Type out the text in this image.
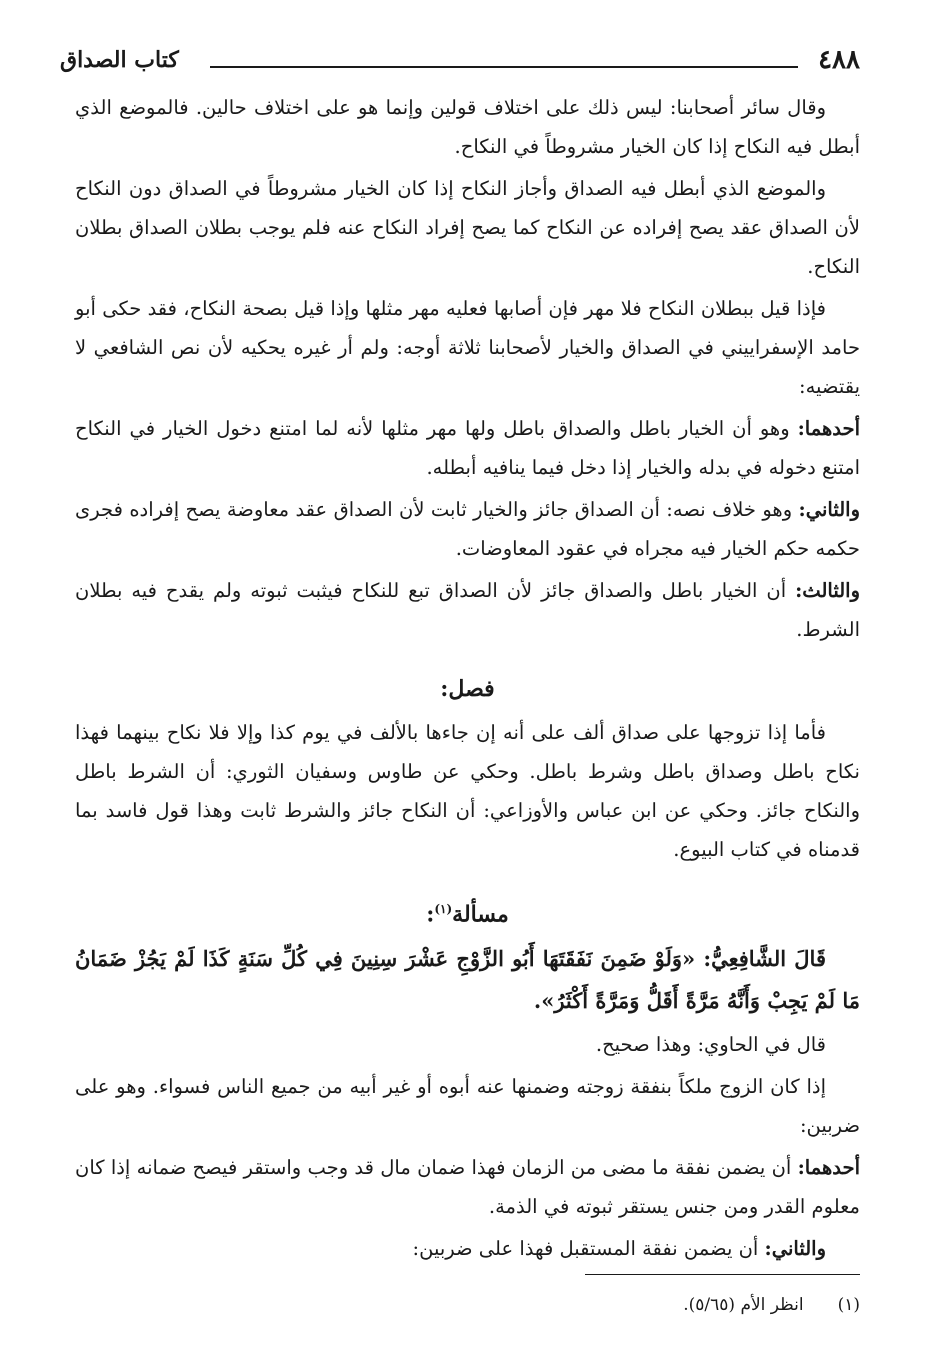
٤٨٨
كتاب الصداق

وقال سائر أصحابنا: ليس ذلك على اختلاف قولين وإنما هو على اختلاف حالين. فالموضع الذي أبطل فيه النكاح إذا كان الخيار مشروطاً في النكاح.

والموضع الذي أبطل فيه الصداق وأجاز النكاح إذا كان الخيار مشروطاً في الصداق دون النكاح لأن الصداق عقد يصح إفراده عن النكاح كما يصح إفراد النكاح عنه فلم يوجب بطلان الصداق بطلان النكاح.

فإذا قيل ببطلان النكاح فلا مهر فإن أصابها فعليه مهر مثلها وإذا قيل بصحة النكاح، فقد حكى أبو حامد الإسفراييني في الصداق والخيار لأصحابنا ثلاثة أوجه: ولم أر غيره يحكيه لأن نص الشافعي لا يقتضيه:

أحدهما: وهو أن الخيار باطل والصداق باطل ولها مهر مثلها لأنه لما امتنع دخول الخيار في النكاح امتنع دخوله في بدله والخيار إذا دخل فيما ينافيه أبطله.

والثاني: وهو خلاف نصه: أن الصداق جائز والخيار ثابت لأن الصداق عقد معاوضة يصح إفراده فجرى حكمه حكم الخيار فيه مجراه في عقود المعاوضات.

والثالث: أن الخيار باطل والصداق جائز لأن الصداق تبع للنكاح فيثبت ثبوته ولم يقدح فيه بطلان الشرط.

فصل:

فأما إذا تزوجها على صداق ألف على أنه إن جاءها بالألف في يوم كذا وإلا فلا نكاح بينهما فهذا نكاح باطل وصداق باطل وشرط باطل. وحكي عن طاوس وسفيان الثوري: أن الشرط باطل والنكاح جائز. وحكي عن ابن عباس والأوزاعي: أن النكاح جائز والشرط ثابت وهذا قول فاسد بما قدمناه في كتاب البيوع.

مسألة$^{(١)}$:

قَالَ الشَّافِعِيُّ: «وَلَوْ ضَمِنَ نَفَقَتَهَا أَبُو الزَّوْجِ عَشْرَ سِنِينَ فِي كُلِّ سَنَةٍ كَذَا لَمْ يَجُزْ ضَمَانُ مَا لَمْ يَجِبْ وَأَنَّهُ مَرَّةً أَقَلُّ وَمَرَّةً أَكْثَرُ».

قال في الحاوي: وهذا صحيح.

إذا كان الزوج ملكاً بنفقة زوجته وضمنها عنه أبوه أو غير أبيه من جميع الناس فسواء. وهو على ضربين:

أحدهما: أن يضمن نفقة ما مضى من الزمان فهذا ضمان مال قد وجب واستقر فيصح ضمانه إذا كان معلوم القدر ومن جنس يستقر ثبوته في الذمة.

والثاني: أن يضمن نفقة المستقبل فهذا على ضربين:

(١)انظر الأم (٥/٦٥).
